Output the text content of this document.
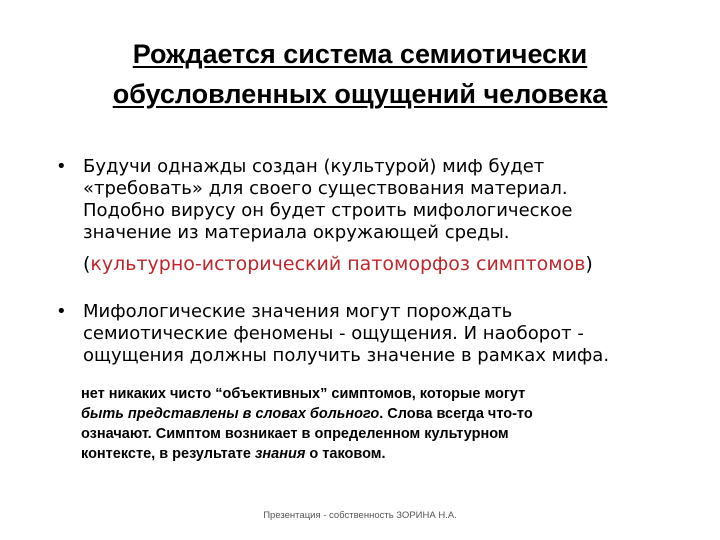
Рождается система семиотически
обусловленных ощущений человека
• Будучи однажды создан (культурой) миф будет
«требовать» для своего существования материал.
Подобно вирусу он будет строить мифологическое
значение из материала окружающей среды.
(культурно-исторический патоморфоз симптомов)
• Мифологические значения могут порождать
семиотические феномены - ощущения. И наоборот -
ощущения должны получить значение в рамках мифа.
нет никаких чисто “объективных” симптомов, которые могут
быть представлены в словах больного. Слова всегда что-то
означают. Симптом возникает в определенном культурном
контексте, в результате знания о таковом.
Презентация - собственность ЗОРИНА Н.А.
